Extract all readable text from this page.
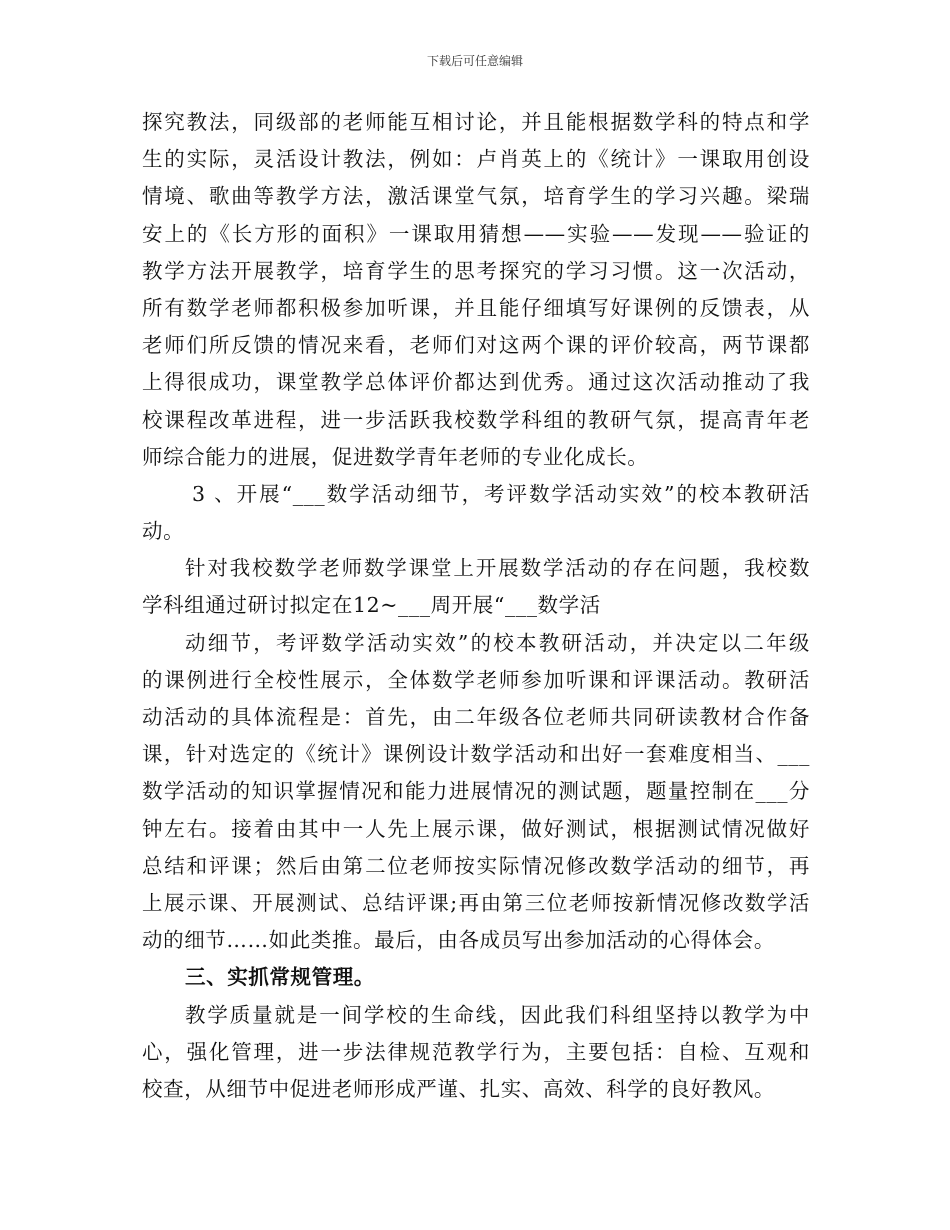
下载后可任意编辑
探究教法，同级部的老师能互相讨论，并且能根据数学科的特点和学
生的实际，灵活设计教法，例如：卢肖英上的《统计》一课取用创设
情境、歌曲等教学方法，激活课堂气氛，培育学生的学习兴趣。梁瑞
安上的《长方形的面积》一课取用猜想——实验——发现——验证的
教学方法开展教学，培育学生的思考探究的学习习惯。这一次活动，
所有数学老师都积极参加听课，并且能仔细填写好课例的反馈表，从
老师们所反馈的情况来看，老师们对这两个课的评价较高，两节课都
上得很成功，课堂教学总体评价都达到优秀。通过这次活动推动了我
校课程改革进程，进一步活跃我校数学科组的教研气氛，提高青年老
师综合能力的进展，促进数学青年老师的专业化成长。
3 、开展“___数学活动细节，考评数学活动实效”的校本教研活
动。
针对我校数学老师数学课堂上开展数学活动的存在问题，我校数
学科组通过研讨拟定在12~___周开展“___数学活
动细节，考评数学活动实效”的校本教研活动，并决定以二年级
的课例进行全校性展示，全体数学老师参加听课和评课活动。教研活
动活动的具体流程是：首先，由二年级各位老师共同研读教材合作备
课，针对选定的《统计》课例设计数学活动和出好一套难度相当、___
数学活动的知识掌握情况和能力进展情况的测试题，题量控制在___分
钟左右。接着由其中一人先上展示课，做好测试，根据测试情况做好
总结和评课；然后由第二位老师按实际情况修改数学活动的细节，再
上展示课、开展测试、总结评课;再由第三位老师按新情况修改数学活
动的细节……如此类推。最后，由各成员写出参加活动的心得体会。
三、实抓常规管理。
教学质量就是一间学校的生命线，因此我们科组坚持以教学为中
心，强化管理，进一步法律规范教学行为，主要包括：自检、互观和
校查，从细节中促进老师形成严谨、扎实、高效、科学的良好教风。
